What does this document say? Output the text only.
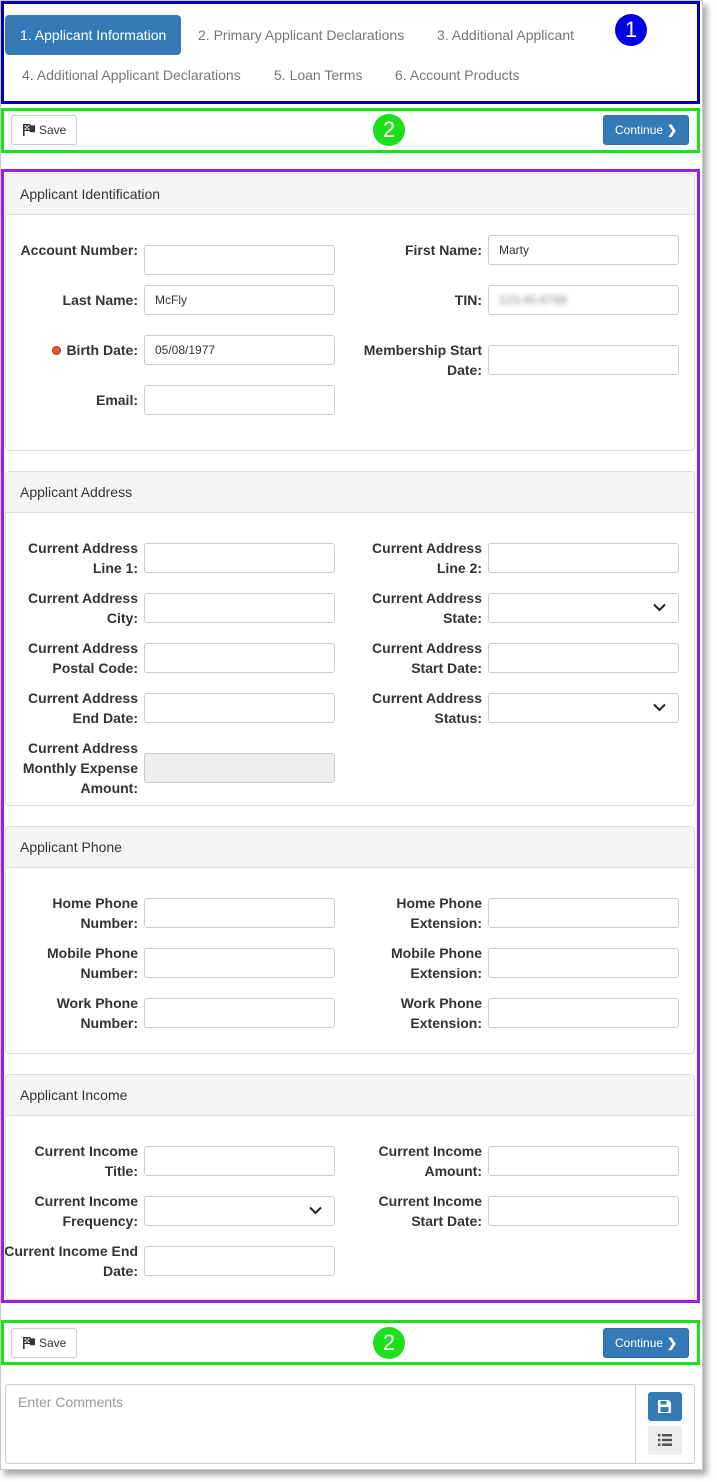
1. Applicant Information	2. Primary Applicant Declarations	3. Additional Applicant
4. Additional Applicant Declarations	5. Loan Terms	6. Account Products
1
Save	Continue ❯
2
Applicant Identification
Account Number:	First Name:	Marty
Last Name:	McFly	TIN:	123-45-6789
Birth Date:	05/08/1977	Membership Start Date:
Email:
Applicant Address
Current Address Line 1:
Current Address Line 2:
Current Address City:
Current Address State:
Current Address Postal Code:
Current Address Start Date:
Current Address End Date:
Current Address Status:
Current Address Monthly Expense Amount:
Applicant Phone
Home Phone Number:
Home Phone Extension:
Mobile Phone Number:
Mobile Phone Extension:
Work Phone Number:
Work Phone Extension:
Applicant Income
Current Income Title:
Current Income Amount:
Current Income Frequency:
Current Income Start Date:
Current Income End Date:
Save	Continue ❯
2
Enter Comments
